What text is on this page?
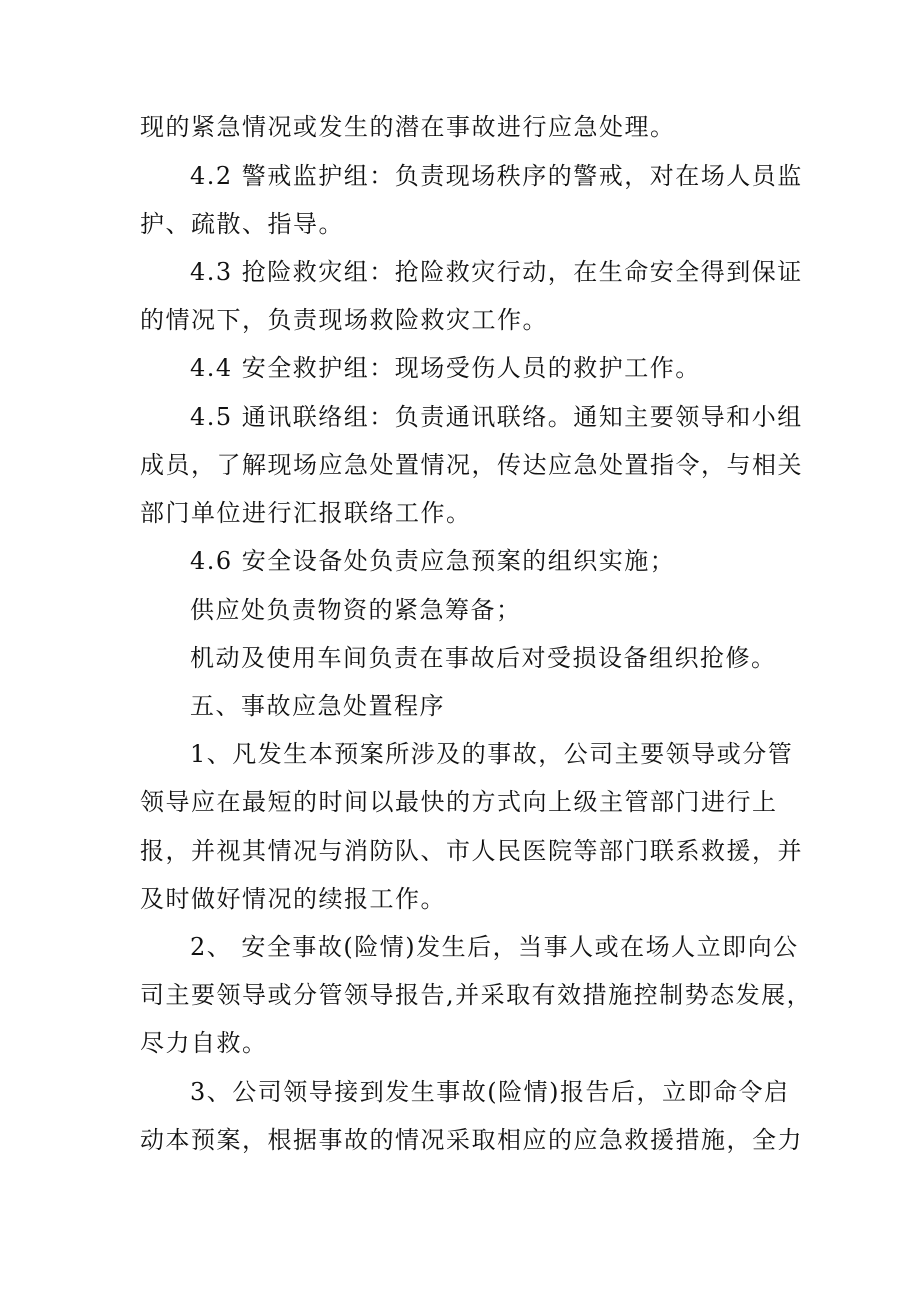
现的紧急情况或发生的潜在事故进行应急处理。
4.2 警戒监护组：负责现场秩序的警戒，对在场人员监
护、疏散、指导。
4.3 抢险救灾组：抢险救灾行动，在生命安全得到保证
的情况下，负责现场救险救灾工作。
4.4 安全救护组：现场受伤人员的救护工作。
4.5 通讯联络组：负责通讯联络。通知主要领导和小组
成员，了解现场应急处置情况，传达应急处置指令，与相关
部门单位进行汇报联络工作。
4.6 安全设备处负责应急预案的组织实施；
供应处负责物资的紧急筹备；
机动及使用车间负责在事故后对受损设备组织抢修。
五、事故应急处置程序
1、凡发生本预案所涉及的事故，公司主要领导或分管
领导应在最短的时间以最快的方式向上级主管部门进行上
报，并视其情况与消防队、市人民医院等部门联系救援，并
及时做好情况的续报工作。
2、 安全事故(险情)发生后，当事人或在场人立即向公
司主要领导或分管领导报告,并采取有效措施控制势态发展，
尽力自救。
3、公司领导接到发生事故(险情)报告后，立即命令启
动本预案，根据事故的情况采取相应的应急救援措施，全力
